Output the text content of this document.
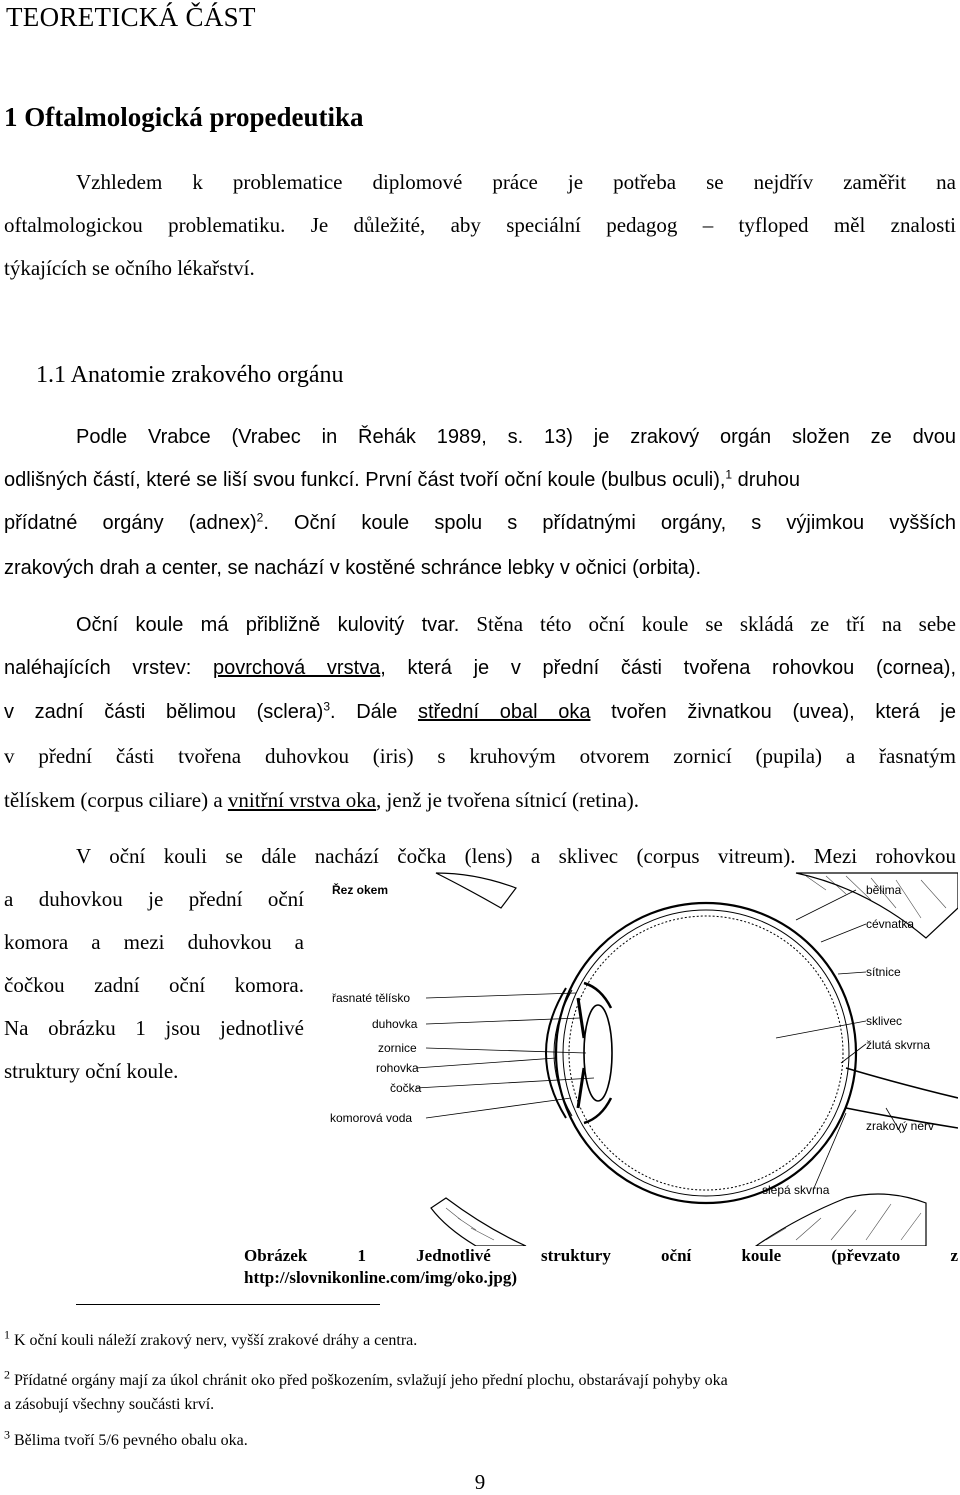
TEORETICKÁ ČÁST
1 Oftalmologická propedeutika
Vzhledem k problematice diplomové práce je potřeba se nejdřív zaměřit na
oftalmologickou problematiku. Je důležité, aby speciální pedagog – tyfloped měl znalosti
týkajících se očního lékařství.
1.1 Anatomie zrakového orgánu
Podle Vrabce (Vrabec in Řehák 1989, s. 13) je zrakový orgán složen ze dvou
odlišných částí, které se liší svou funkcí. První část tvoří oční koule (bulbus oculi),$^1$ druhou
přídatné orgány (adnex)$^2$. Oční koule spolu s přídatnými orgány, s výjimkou vyšších
zrakových drah a center, se nachází v kostěné schránce lebky v očnici (orbita).
Oční koule má přibližně kulovitý tvar. Stěna této oční koule se skládá ze tří na sebe
naléhajících vrstev: povrchová vrstva, která je v přední části tvořena rohovkou (cornea),
v zadní části bělimou (sclera)$^3$. Dále střední obal oka tvořen živnatkou (uvea), která je
v přední části tvořena duhovkou (iris) s kruhovým otvorem zornicí (pupila) a řasnatým
tělískem (corpus ciliare) a vnitřní vrstva oka, jenž je tvořena sítnicí (retina).
V oční kouli se dále nachází čočka (lens) a sklivec (corpus vitreum). Mezi rohovkou
a duhovkou je přední oční
komora a mezi duhovkou a
čočkou zadní oční komora.
Na obrázku 1 jsou jednotlivé
struktury oční koule.
Řez okem	bělima
cévnatka
sítnice
sklivec
žlutá skvrna
zrakový nerv
slepá skvrna
řasnaté tělísko
duhovka
zornice
rohovka
čočka
komorová voda
Obrázek	1	Jednotlivé	struktury	oční	koule	(převzato	z
http://slovnikonline.com/img/oko.jpg)
$^1$ K oční kouli náleží zrakový nerv, vyšší zrakové dráhy a centra.
$^2$ Přídatné orgány mají za úkol chránit oko před poškozením, svlažují jeho přední plochu, obstarávají pohyby oka
a zásobují všechny součásti krví.
$^3$ Bělima tvoří 5/6 pevného obalu oka.
9
